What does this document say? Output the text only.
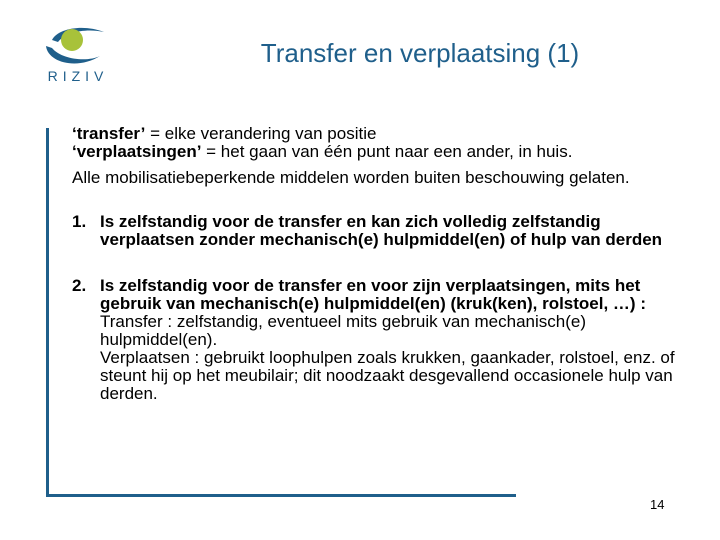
RIZIV
Transfer en verplaatsing (1)

‘transfer’ = elke verandering van positie

‘verplaatsingen’ = het gaan van één punt naar een ander, in huis.

Alle mobilisatiebeperkende middelen worden buiten beschouwing gelaten.

1. Is zelfstandig voor de transfer en kan zich volledig zelfstandig verplaatsen zonder mechanisch(e) hulpmiddel(en) of hulp van derden
2. Is zelfstandig voor de transfer en voor zijn verplaatsingen, mits het gebruik van mechanisch(e) hulpmiddel(en) (kruk(ken), rolstoel, …) :

Transfer : zelfstandig, eventueel mits gebruik van mechanisch(e) hulpmiddel(en).

Verplaatsen : gebruikt loophulpen zoals krukken, gaankader, rolstoel, enz. of steunt hij op het meubilair; dit noodzaakt desgevallend occasionele hulp van derden.

14
